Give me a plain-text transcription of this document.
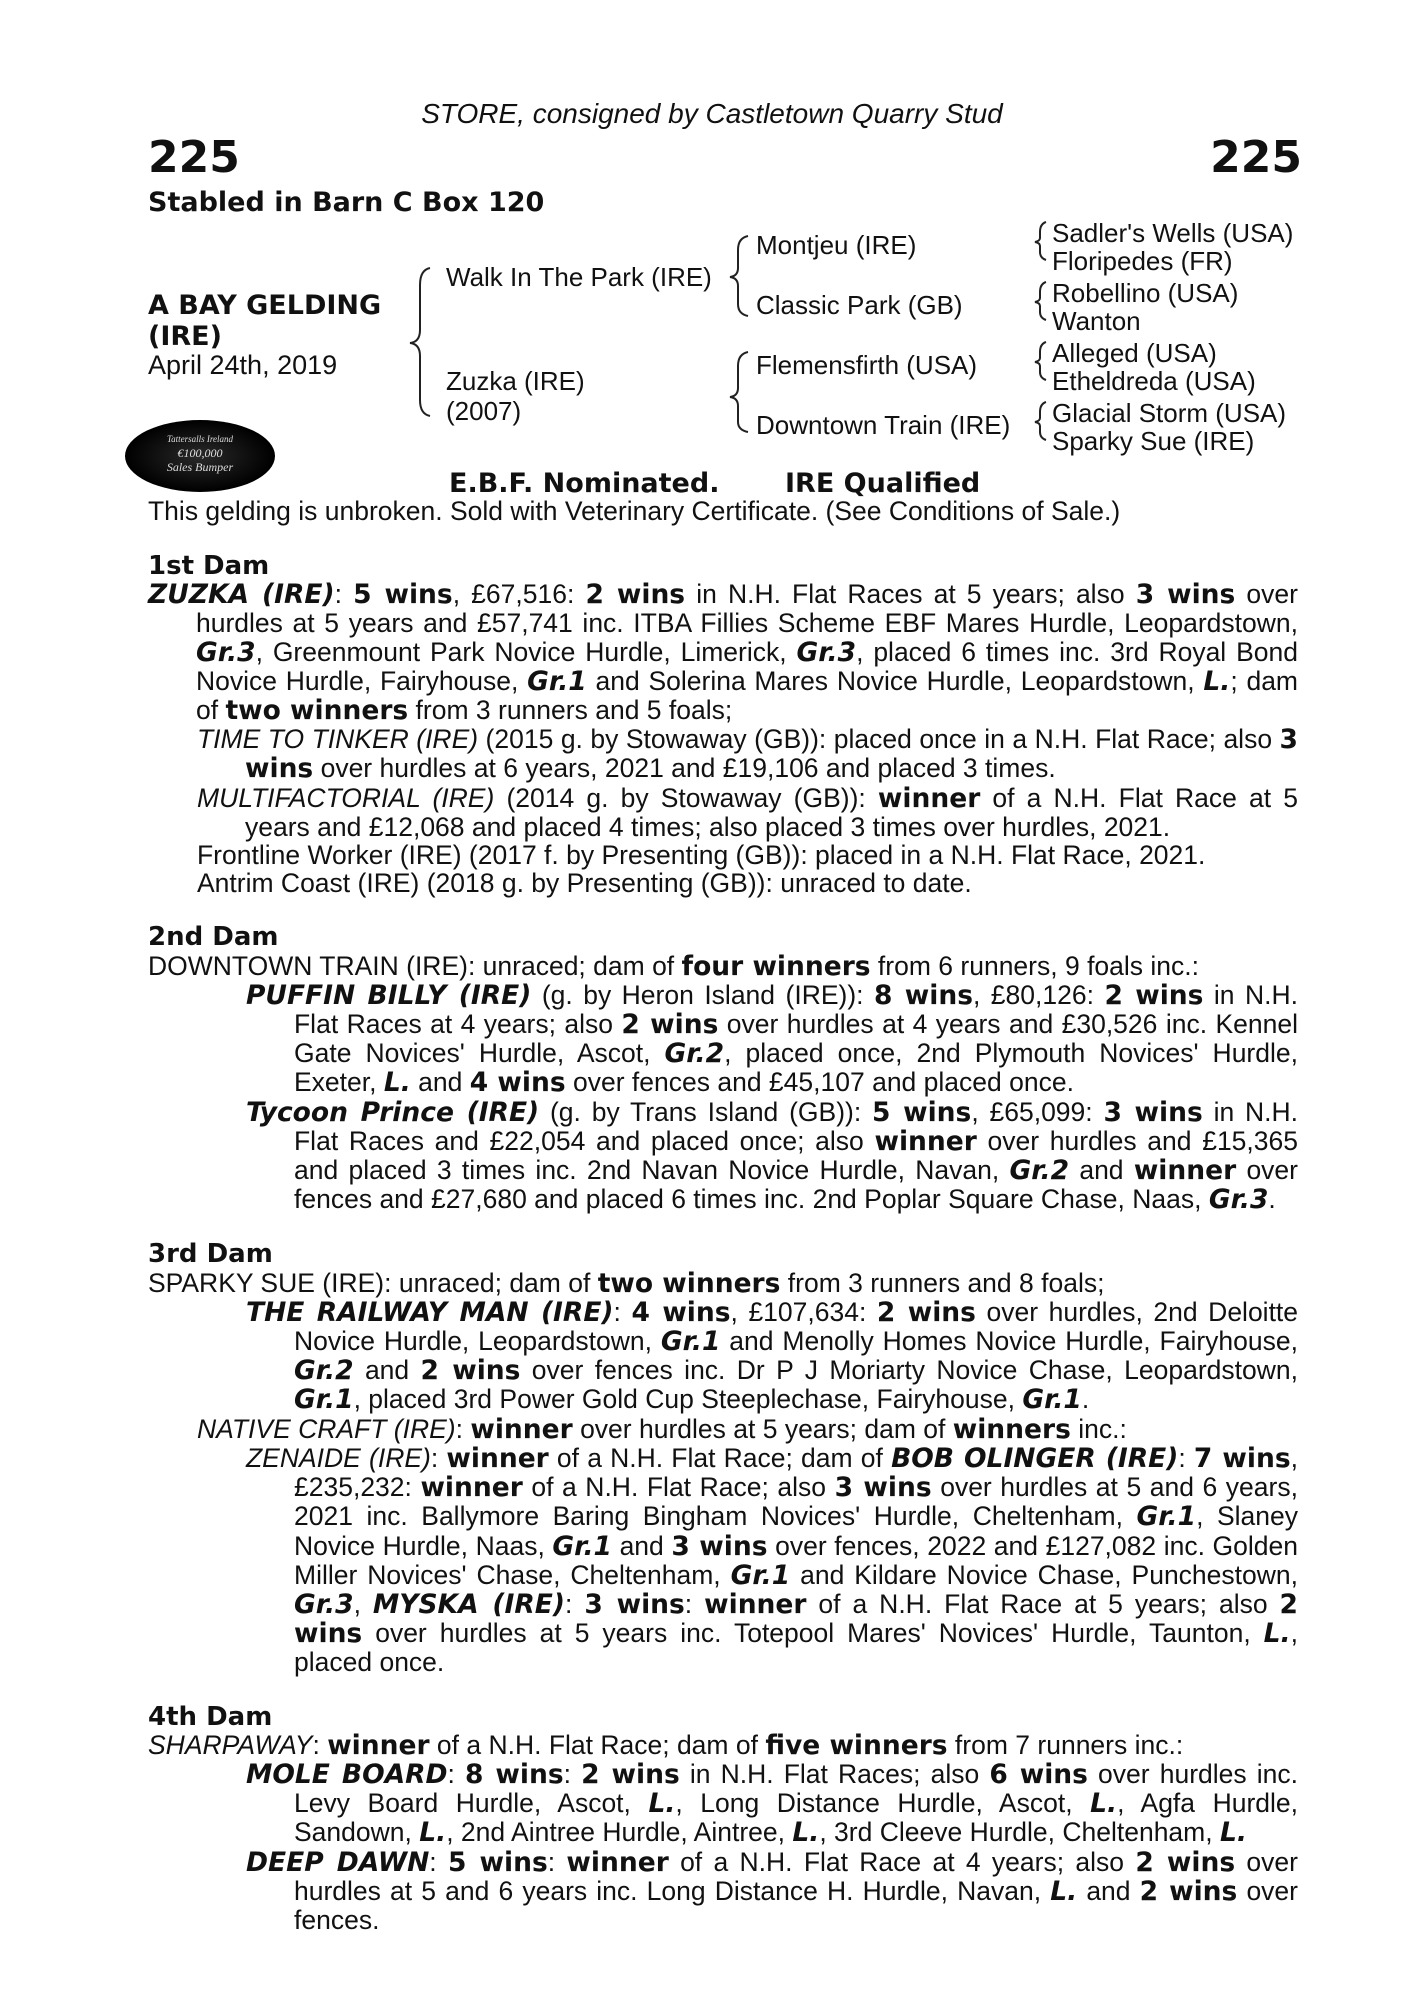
STORE, consigned by Castletown Quarry Stud
225	225
Stabled in Barn C Box 120
A BAY GELDING
(IRE)
April 24th, 2019
Walk In The Park (IRE)
Zuzka (IRE)
(2007)
Montjeu (IRE)
Classic Park (GB)
Flemensfirth (USA)
Downtown Train (IRE)
Sadler's Wells (USA)
Floripedes (FR)
Robellino (USA)
Wanton
Alleged (USA)
Etheldreda (USA)
Glacial Storm (USA)
Sparky Sue (IRE)
Tattersalls Ireland
€100,000
Sales Bumper
E.B.F. Nominated. IRE Qualified
This gelding is unbroken. Sold with Veterinary Certificate. (See Conditions of Sale.)
1st Dam
ZUZKA (IRE): 5 wins, £67,516: 2 wins in N.H. Flat Races at 5 years; also 3 wins over hurdles at 5 years and £57,741 inc. ITBA Fillies Scheme EBF Mares Hurdle, Leopardstown, Gr.3, Greenmount Park Novice Hurdle, Limerick, Gr.3, placed 6 times inc. 3rd Royal Bond Novice Hurdle, Fairyhouse, Gr.1 and Solerina Mares Novice Hurdle, Leopardstown, L.; dam of two winners from 3 runners and 5 foals;
TIME TO TINKER (IRE) (2015 g. by Stowaway (GB)): placed once in a N.H. Flat Race; also 3 wins over hurdles at 6 years, 2021 and £19,106 and placed 3 times.
MULTIFACTORIAL (IRE) (2014 g. by Stowaway (GB)): winner of a N.H. Flat Race at 5 years and £12,068 and placed 4 times; also placed 3 times over hurdles, 2021.
Frontline Worker (IRE) (2017 f. by Presenting (GB)): placed in a N.H. Flat Race, 2021.
Antrim Coast (IRE) (2018 g. by Presenting (GB)): unraced to date.
2nd Dam
DOWNTOWN TRAIN (IRE): unraced; dam of four winners from 6 runners, 9 foals inc.:
PUFFIN BILLY (IRE) (g. by Heron Island (IRE)): 8 wins, £80,126: 2 wins in N.H. Flat Races at 4 years; also 2 wins over hurdles at 4 years and £30,526 inc. Kennel Gate Novices' Hurdle, Ascot, Gr.2, placed once, 2nd Plymouth Novices' Hurdle, Exeter, L. and 4 wins over fences and £45,107 and placed once.
Tycoon Prince (IRE) (g. by Trans Island (GB)): 5 wins, £65,099: 3 wins in N.H. Flat Races and £22,054 and placed once; also winner over hurdles and £15,365 and placed 3 times inc. 2nd Navan Novice Hurdle, Navan, Gr.2 and winner over fences and £27,680 and placed 6 times inc. 2nd Poplar Square Chase, Naas, Gr.3.
3rd Dam
SPARKY SUE (IRE): unraced; dam of two winners from 3 runners and 8 foals;
THE RAILWAY MAN (IRE): 4 wins, £107,634: 2 wins over hurdles, 2nd Deloitte Novice Hurdle, Leopardstown, Gr.1 and Menolly Homes Novice Hurdle, Fairyhouse, Gr.2 and 2 wins over fences inc. Dr P J Moriarty Novice Chase, Leopardstown, Gr.1, placed 3rd Power Gold Cup Steeplechase, Fairyhouse, Gr.1.
NATIVE CRAFT (IRE): winner over hurdles at 5 years; dam of winners inc.:
ZENAIDE (IRE): winner of a N.H. Flat Race; dam of BOB OLINGER (IRE): 7 wins, £235,232: winner of a N.H. Flat Race; also 3 wins over hurdles at 5 and 6 years, 2021 inc. Ballymore Baring Bingham Novices' Hurdle, Cheltenham, Gr.1, Slaney Novice Hurdle, Naas, Gr.1 and 3 wins over fences, 2022 and £127,082 inc. Golden Miller Novices' Chase, Cheltenham, Gr.1 and Kildare Novice Chase, Punchestown, Gr.3, MYSKA (IRE): 3 wins: winner of a N.H. Flat Race at 5 years; also 2 wins over hurdles at 5 years inc. Totepool Mares' Novices' Hurdle, Taunton, L., placed once.
4th Dam
SHARPAWAY: winner of a N.H. Flat Race; dam of five winners from 7 runners inc.:
MOLE BOARD: 8 wins: 2 wins in N.H. Flat Races; also 6 wins over hurdles inc. Levy Board Hurdle, Ascot, L., Long Distance Hurdle, Ascot, L., Agfa Hurdle, Sandown, L., 2nd Aintree Hurdle, Aintree, L., 3rd Cleeve Hurdle, Cheltenham, L.
DEEP DAWN: 5 wins: winner of a N.H. Flat Race at 4 years; also 2 wins over hurdles at 5 and 6 years inc. Long Distance H. Hurdle, Navan, L. and 2 wins over fences.
